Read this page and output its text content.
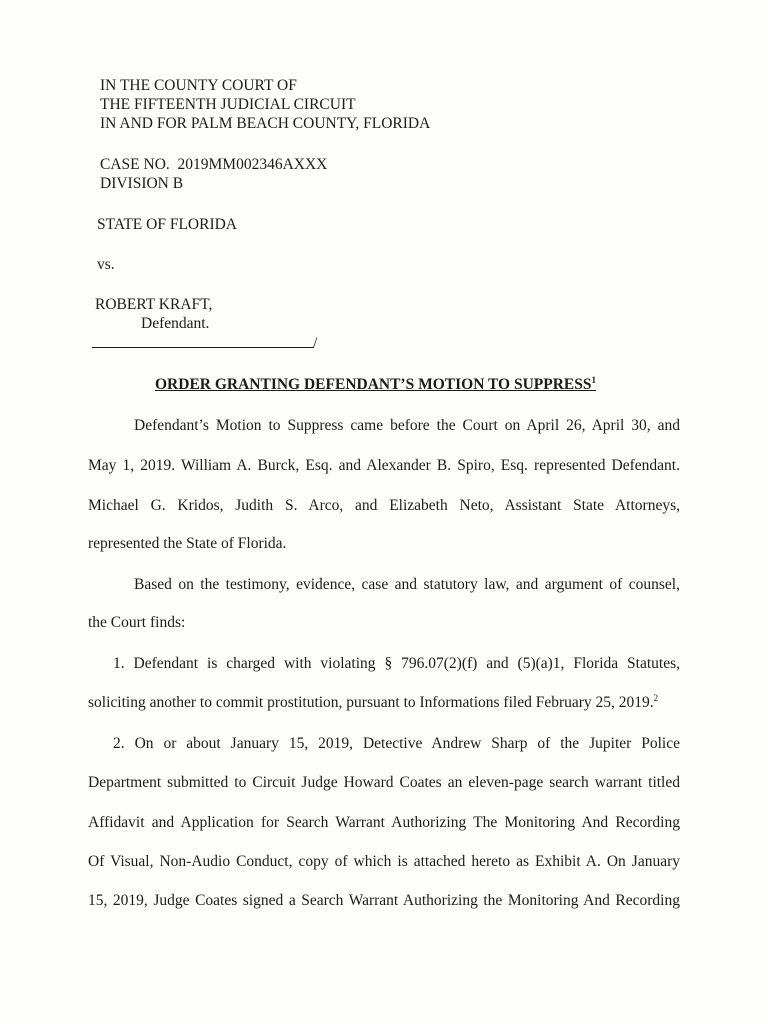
IN THE COUNTY COURT OF
THE FIFTEENTH JUDICIAL CIRCUIT
IN AND FOR PALM BEACH COUNTY, FLORIDA
CASE NO.  2019MM002346AXXX
DIVISION B
STATE OF FLORIDA
vs.
ROBERT KRAFT,
Defendant.
/
ORDER GRANTING DEFENDANT’S MOTION TO SUPPRESS$^1$
Defendant’s Motion to Suppress came before the Court on April 26, April 30, and
May 1, 2019. William A. Burck, Esq. and Alexander B. Spiro, Esq. represented Defendant.
Michael G. Kridos, Judith S. Arco, and Elizabeth Neto, Assistant State Attorneys,
represented the State of Florida.
Based on the testimony, evidence, case and statutory law, and argument of counsel,
the Court finds:
1. Defendant is charged with violating § 796.07(2)(f) and (5)(a)1, Florida Statutes,
soliciting another to commit prostitution, pursuant to Informations filed February 25, 2019.$^2$
2. On or about January 15, 2019, Detective Andrew Sharp of the Jupiter Police
Department submitted to Circuit Judge Howard Coates an eleven-page search warrant titled
Affidavit and Application for Search Warrant Authorizing The Monitoring And Recording
Of Visual, Non-Audio Conduct, copy of which is attached hereto as Exhibit A. On January
15, 2019, Judge Coates signed a Search Warrant Authorizing the Monitoring And Recording
